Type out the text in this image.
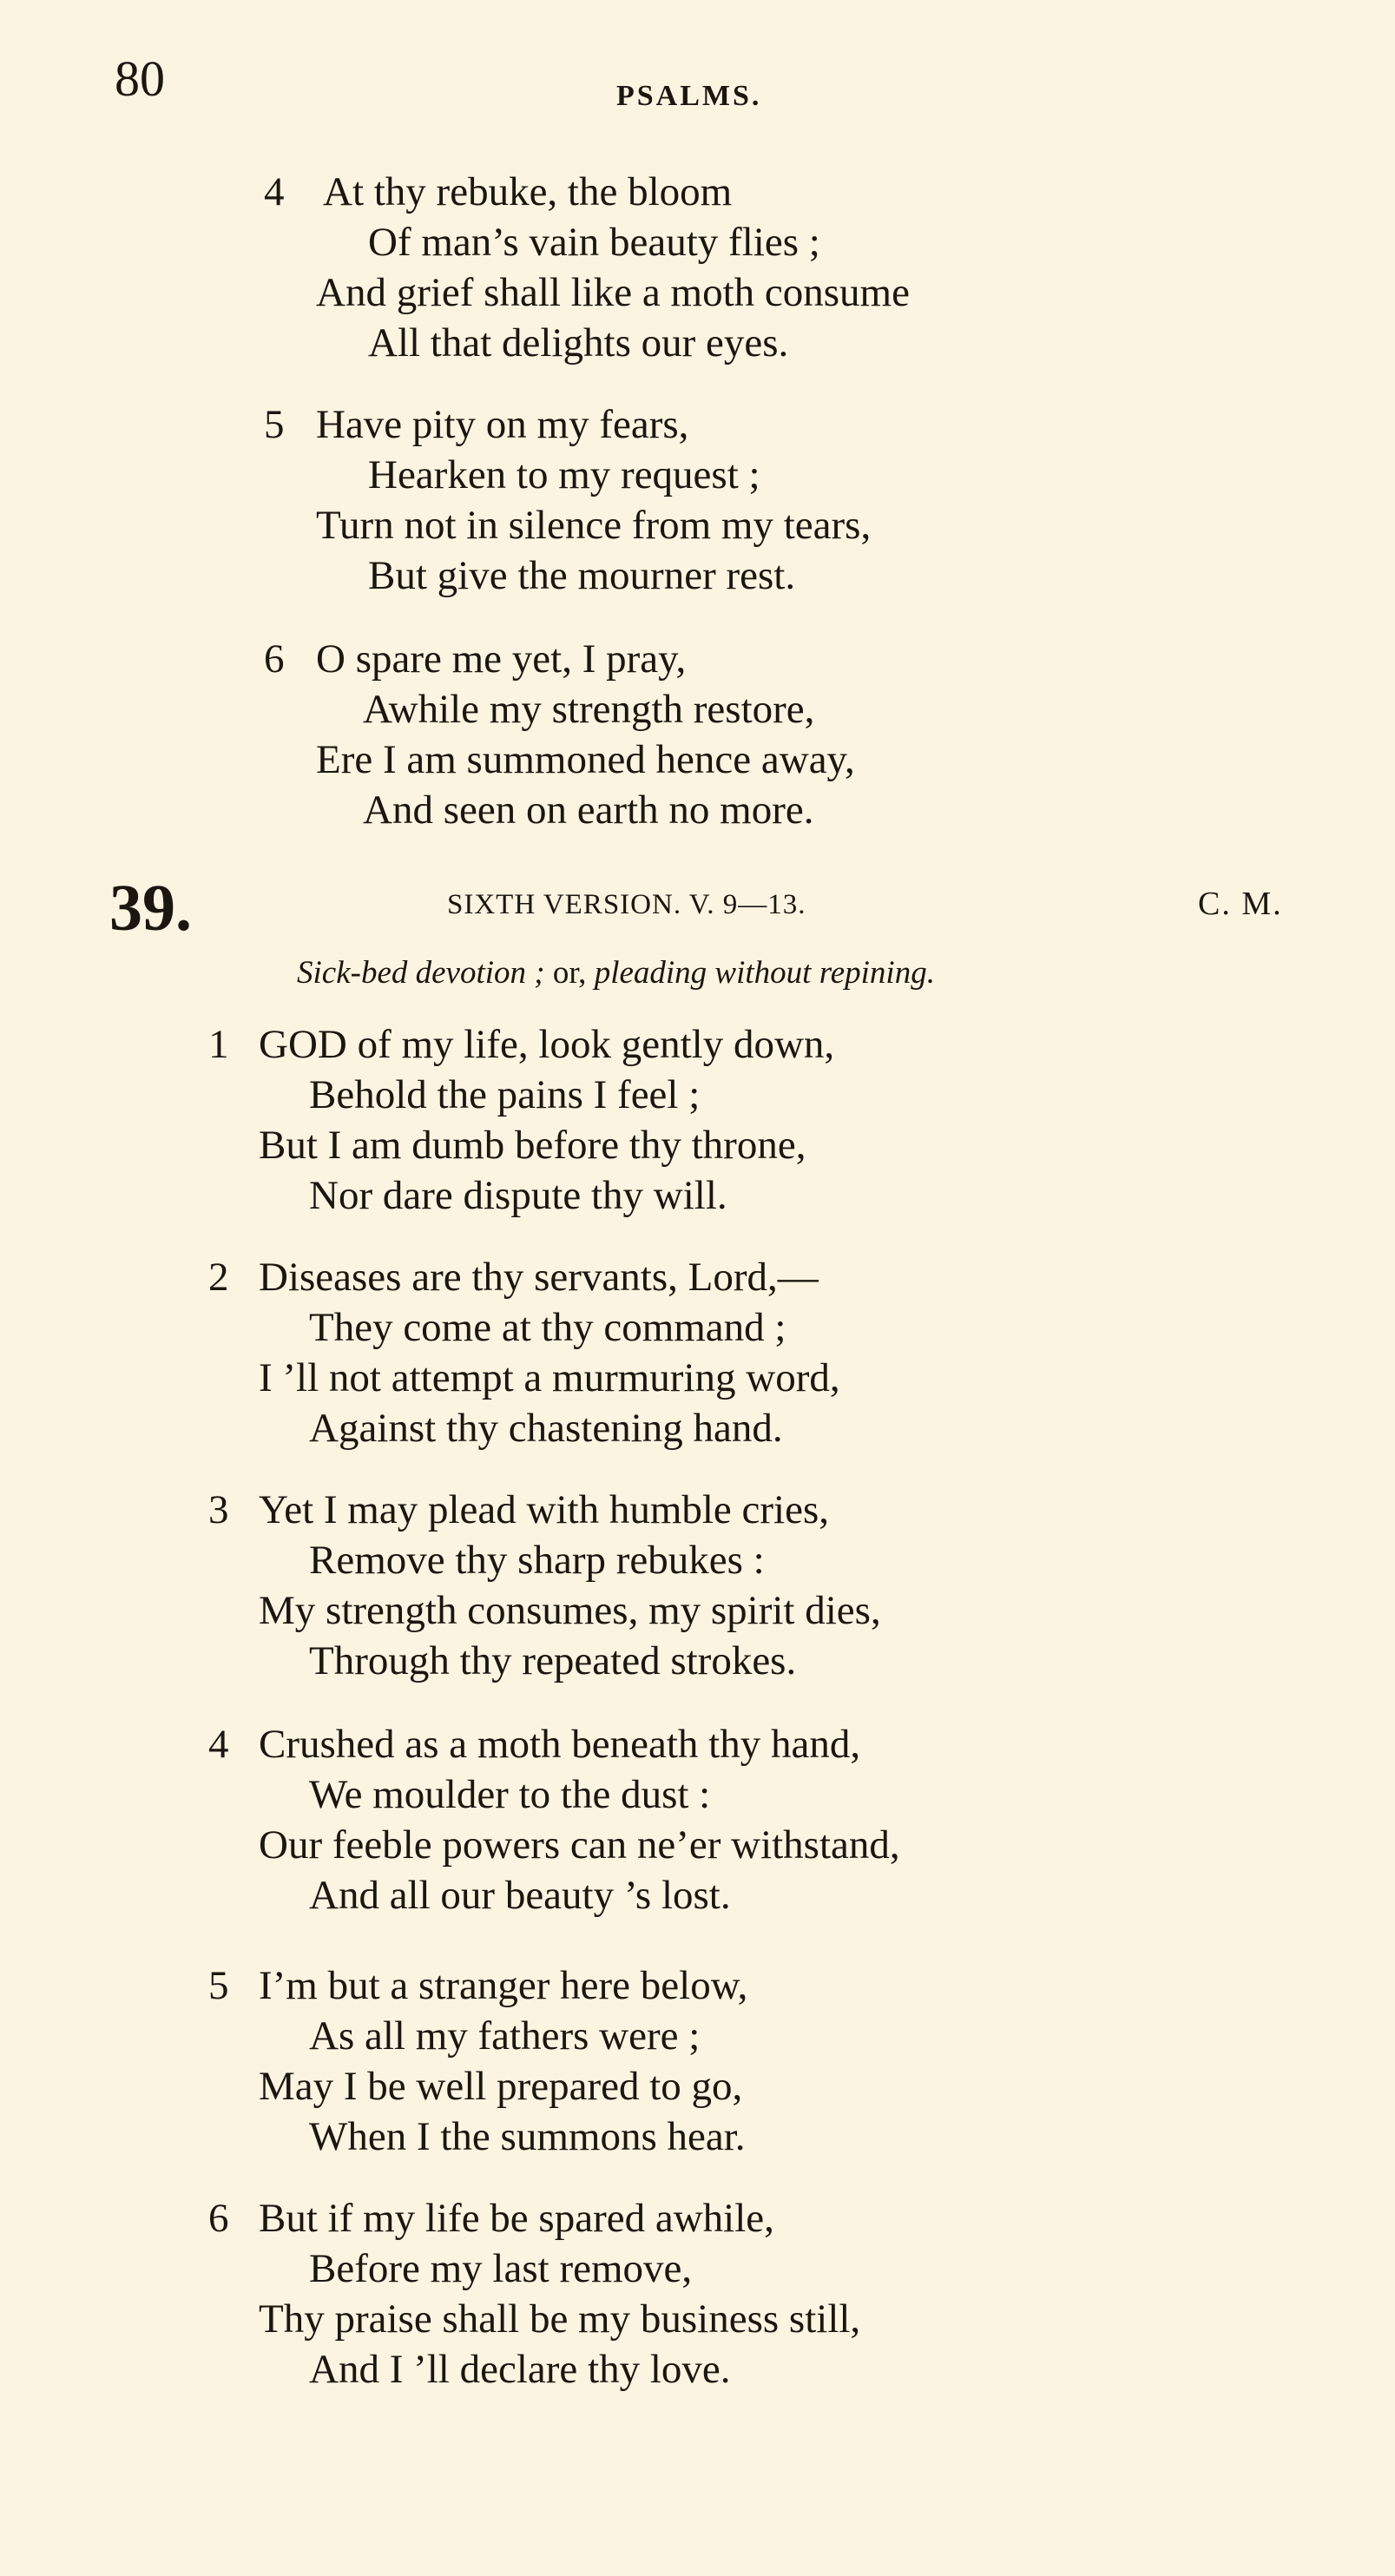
80	PSALMS.
4 At thy rebuke, the bloom
Of man’s vain beauty flies ;
And grief shall like a moth consume
All that delights our eyes.
5 Have pity on my fears,
Hearken to my request ;
Turn not in silence from my tears,
But give the mourner rest.
6 O spare me yet, I pray,
Awhile my strength restore,
Ere I am summoned hence away,
And seen on earth no more.
39.	SIXTH VERSION. V. 9—13.	C. M.
Sick-bed devotion ; or, pleading without repining.
1 GOD of my life, look gently down,
Behold the pains I feel ;
But I am dumb before thy throne,
Nor dare dispute thy will.
2 Diseases are thy servants, Lord,—
They come at thy command ;
I ’ll not attempt a murmuring word,
Against thy chastening hand.
3 Yet I may plead with humble cries,
Remove thy sharp rebukes :
My strength consumes, my spirit dies,
Through thy repeated strokes.
4 Crushed as a moth beneath thy hand,
We moulder to the dust :
Our feeble powers can ne’er withstand,
And all our beauty ’s lost.
5 I’m but a stranger here below,
As all my fathers were ;
May I be well prepared to go,
When I the summons hear.
6 But if my life be spared awhile,
Before my last remove,
Thy praise shall be my business still,
And I ’ll declare thy love.
